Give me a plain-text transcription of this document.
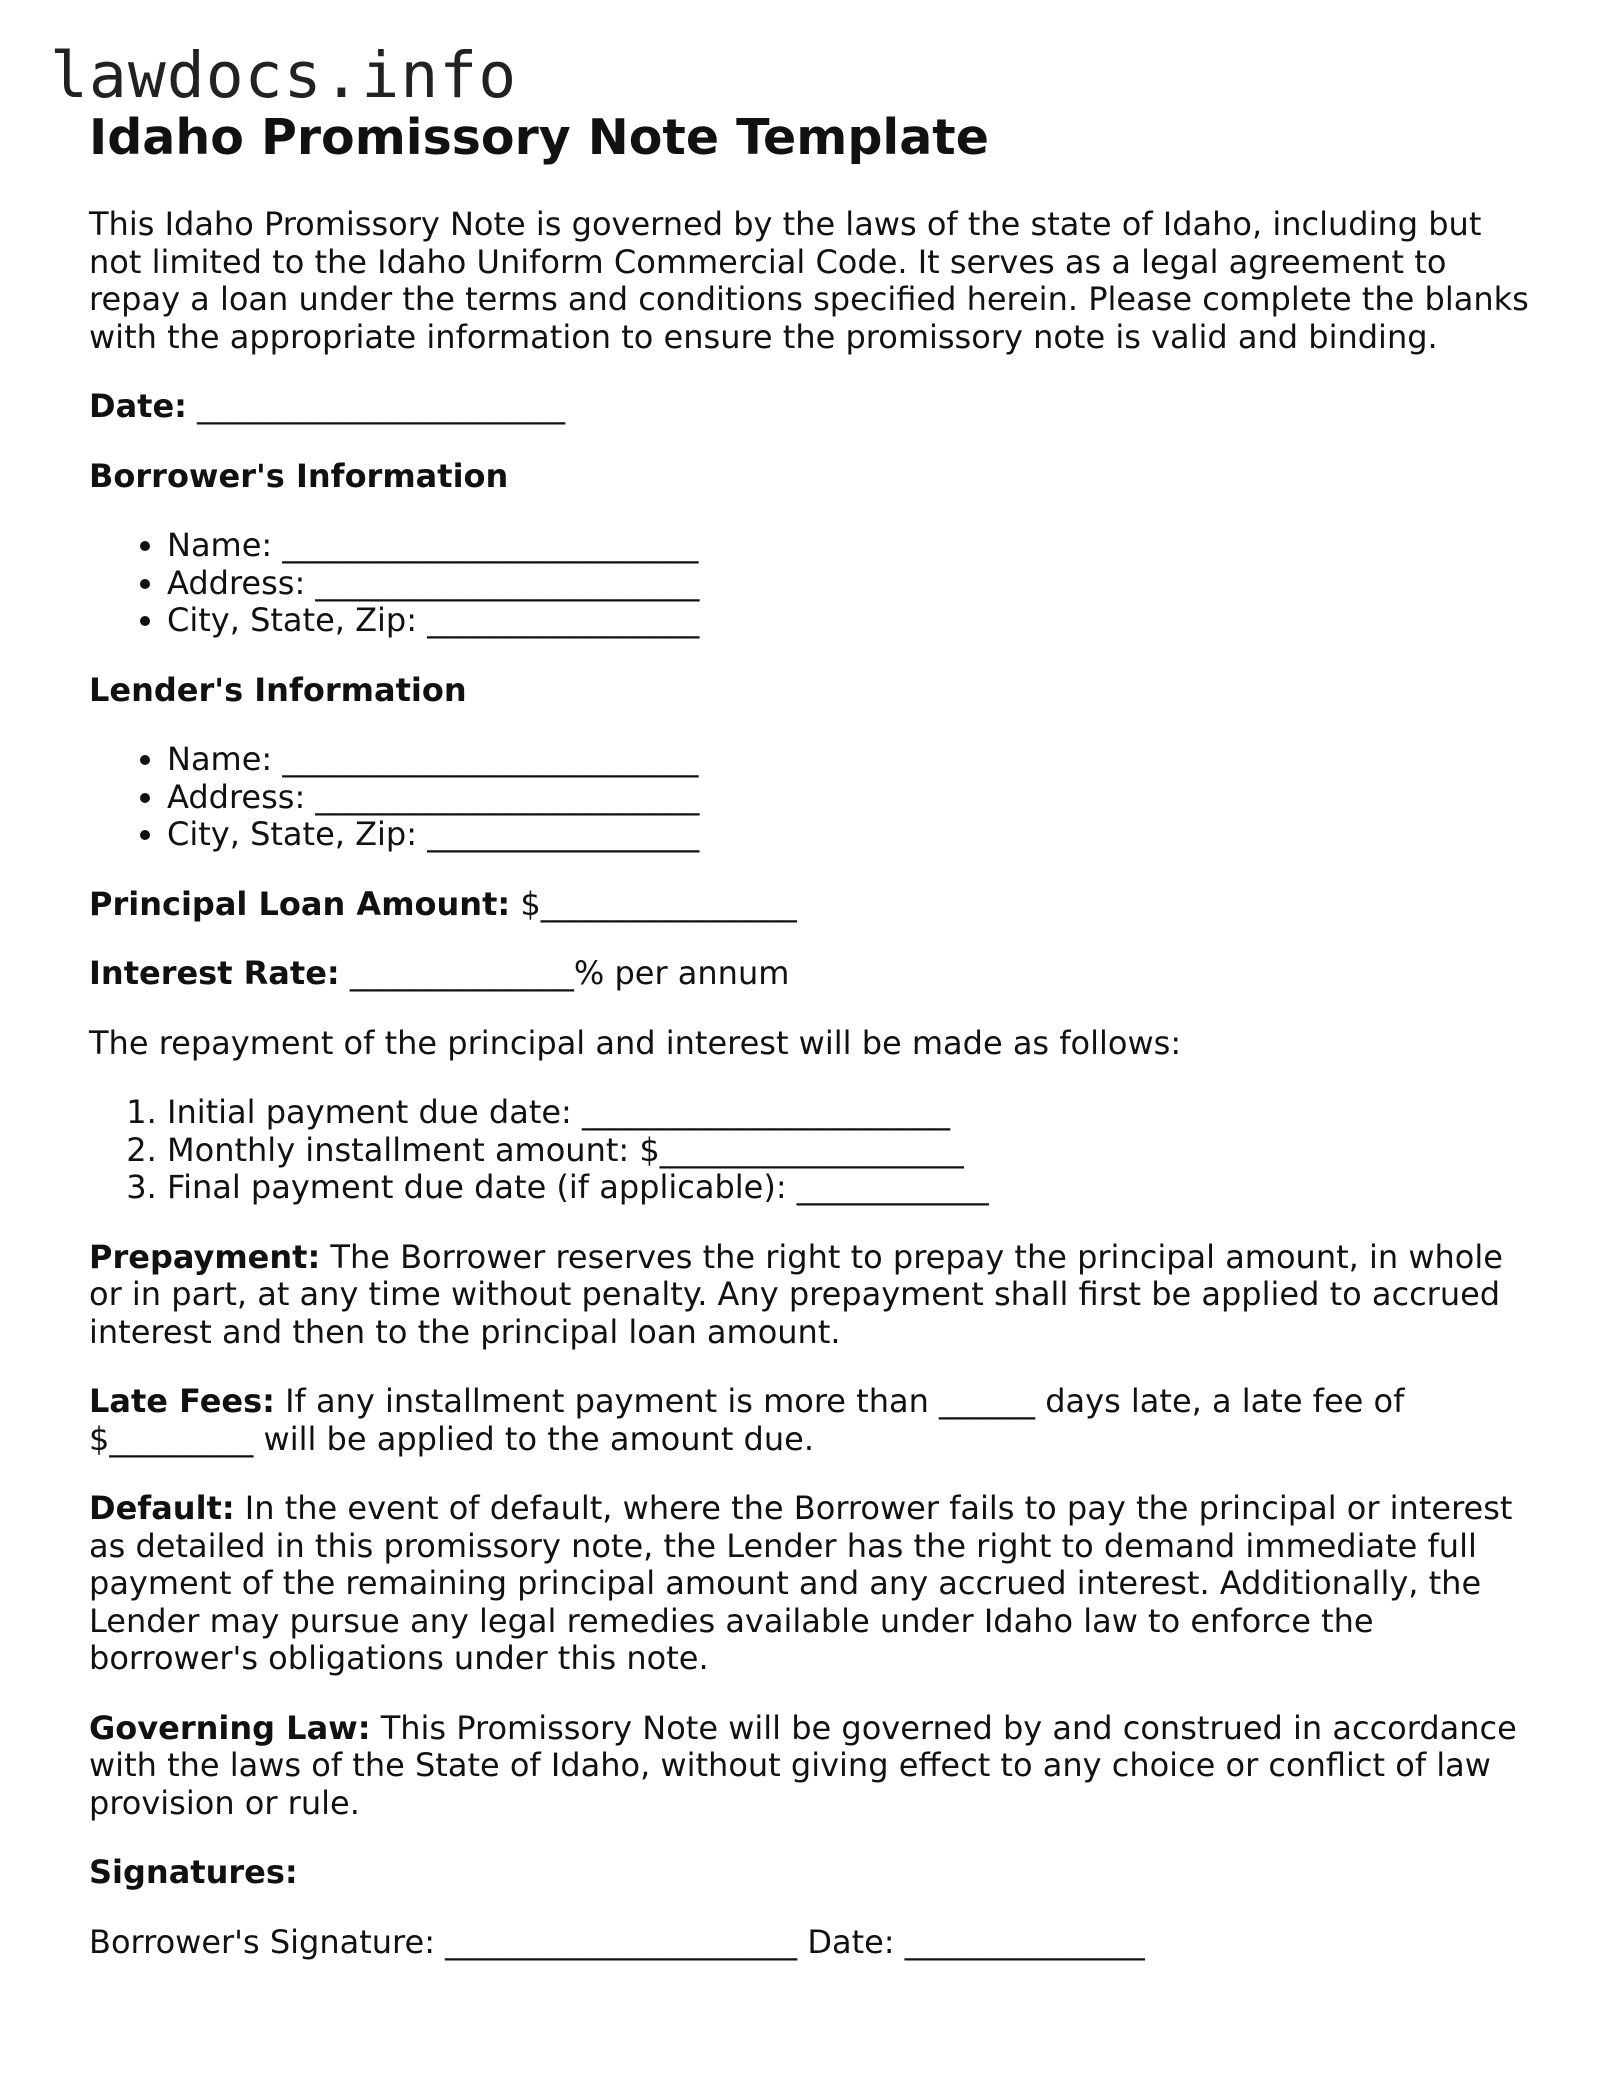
lawdocs.info
Idaho Promissory Note Template

This Idaho Promissory Note is governed by the laws of the state of Idaho, including but not limited to the Idaho Uniform Commercial Code. It serves as a legal agreement to repay a loan under the terms and conditions specified herein. Please complete the blanks with the appropriate information to ensure the promissory note is valid and binding.

Date: _______________________

Borrower's Information

• Name: __________________________
• Address: ________________________
• City, State, Zip: _________________

Lender's Information

• Name: __________________________
• Address: ________________________
• City, State, Zip: _________________

Principal Loan Amount: $________________

Interest Rate: ______________% per annum

The repayment of the principal and interest will be made as follows:

1. Initial payment due date: _______________________
2. Monthly installment amount: $___________________
3. Final payment due date (if applicable): ____________

Prepayment: The Borrower reserves the right to prepay the principal amount, in whole or in part, at any time without penalty. Any prepayment shall first be applied to accrued interest and then to the principal loan amount.

Late Fees: If any installment payment is more than ______ days late, a late fee of $_________ will be applied to the amount due.

Default: In the event of default, where the Borrower fails to pay the principal or interest as detailed in this promissory note, the Lender has the right to demand immediate full payment of the remaining principal amount and any accrued interest. Additionally, the Lender may pursue any legal remedies available under Idaho law to enforce the borrower's obligations under this note.

Governing Law: This Promissory Note will be governed by and construed in accordance with the laws of the State of Idaho, without giving effect to any choice or conflict of law provision or rule.

Signatures:

Borrower's Signature: ______________________ Date: _______________
